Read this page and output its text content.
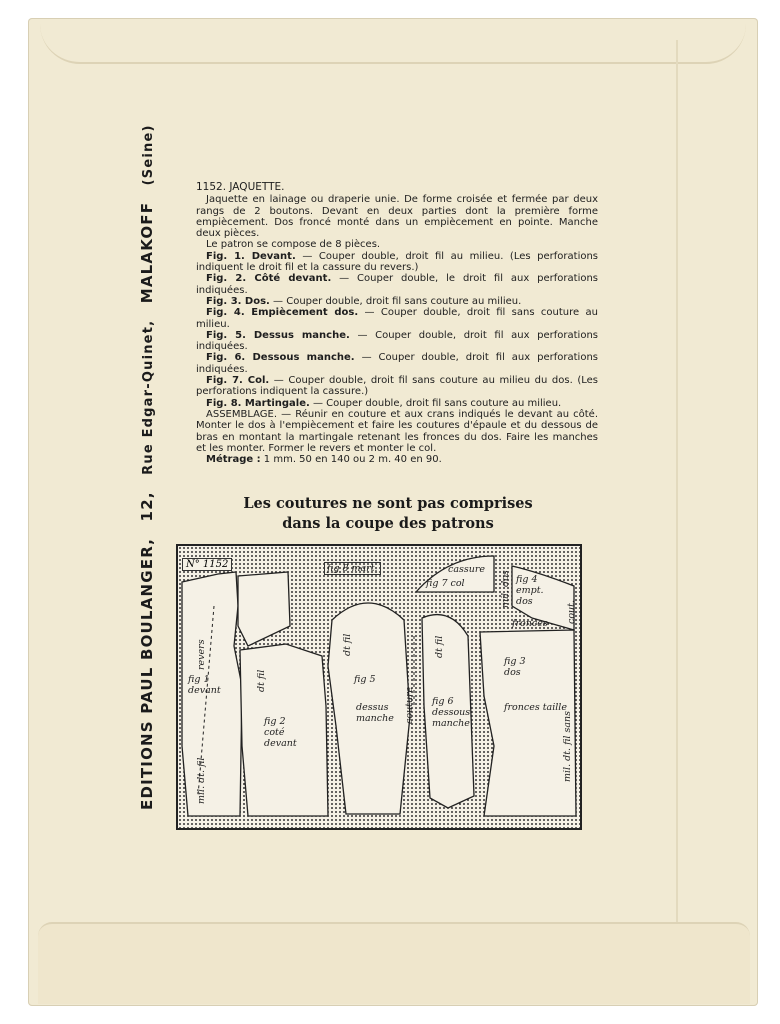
EDITIONS PAUL BOULANGER, 12, Rue Edgar-Quinet, MALAKOFF (Seine)

1152. JAQUETTE.

Jaquette en lainage ou draperie unie. De forme croisée et fermée par deux rangs de 2 boutons. Devant en deux parties dont la première forme empiècement. Dos froncé monté dans un empiècement en pointe. Manche deux pièces.

Le patron se compose de 8 pièces.

Fig. 1. Devant. — Couper double, droit fil au milieu. (Les perforations indiquent le droit fil et la cassure du revers.)

Fig. 2. Côté devant. — Couper double, le droit fil aux perforations indiquées.

Fig. 3. Dos. — Couper double, droit fil sans couture au milieu.

Fig. 4. Empiècement dos. — Couper double, droit fil sans couture au milieu.

Fig. 5. Dessus manche. — Couper double, droit fil aux perforations indiquées.

Fig. 6. Dessous manche. — Couper double, droit fil aux perforations indiquées.

Fig. 7. Col. — Couper double, droit fil sans couture au milieu du dos. (Les perforations indiquent la cassure.)

Fig. 8. Martingale. — Couper double, droit fil sans couture au milieu.

ASSEMBLAGE. — Réunir en couture et aux crans indiqués le devant au côté. Monter le dos à l'empiècement et faire les coutures d'épaule et du dessous de bras en montant la martingale retenant les fronces du dos. Faire les manches et les monter. Former le revers et monter le col.

Métrage : 1 mm. 50 en 140 ou 2 m. 40 en 90.

Les coutures ne sont pas comprises
dans la coupe des patrons
N° 1152	fig 8 mart.	cassure
fig 7 col	fig 4 empt. dos	cout.
mil. dos
revers
fig 1 devant
mil. dt. fil
dt fil
fig 2 coté devant
dt fil
fig 5
dessus manche	couture
dt fil
fig 6 dessous manche
fronces
fig 3 dos
fronces taille
mil. dt. fil sans
